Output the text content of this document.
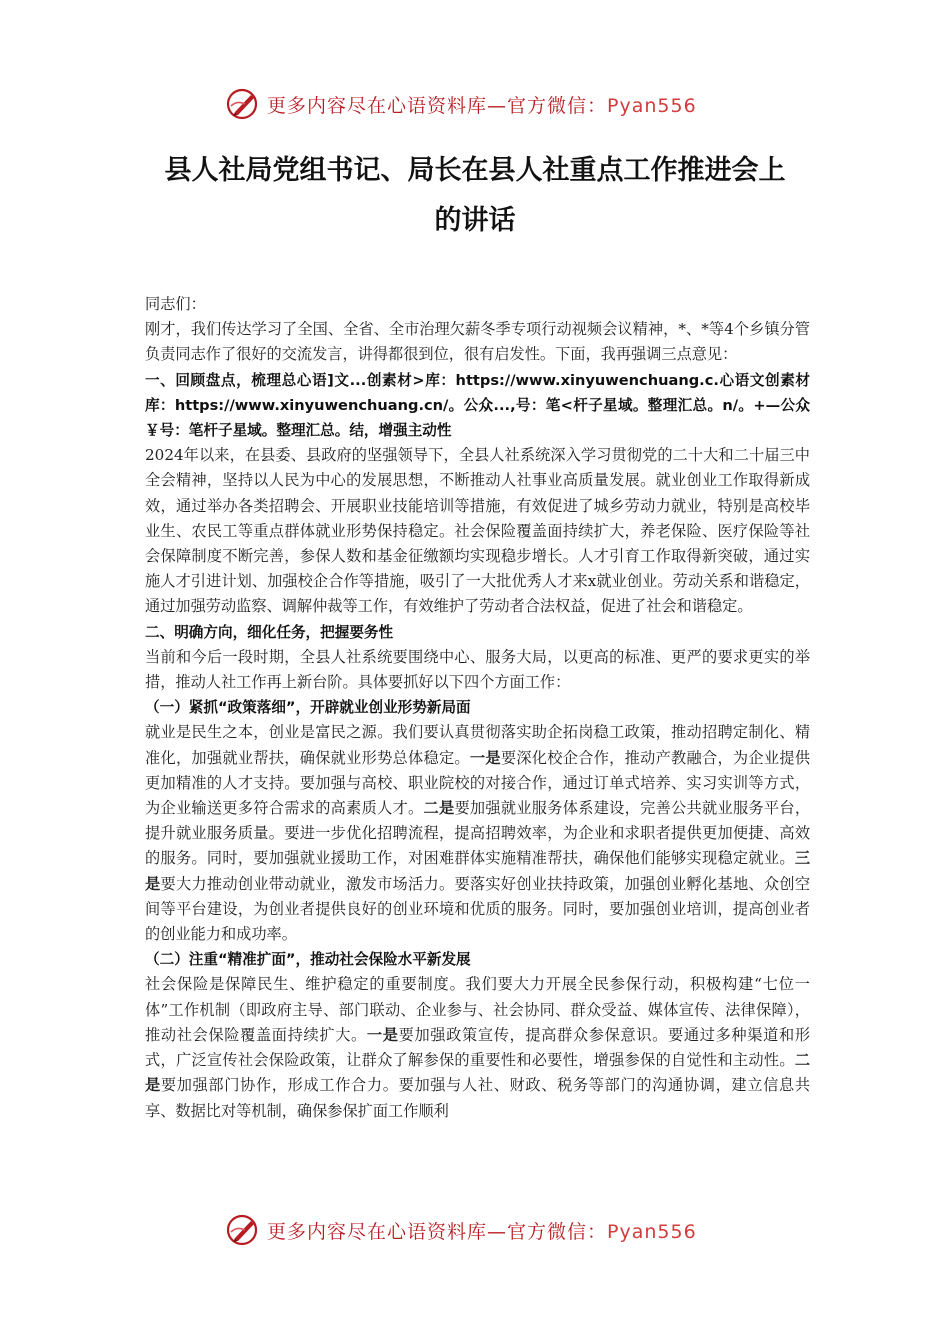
更多内容尽在心语资料库—官方微信：Pyan556
县人社局党组书记、局长在县人社重点工作推进会上
的讲话

同志们：

刚才，我们传达学习了全国、全省、全市治理欠薪冬季专项行动视频会议精神，*、*等4个乡镇分管负责同志作了很好的交流发言，讲得都很到位，很有启发性。下面，我再强调三点意见：

一、回顾盘点，梳理总心语]文...创素材>库：https://www.xinyuwenchuang.c.心语文创素材库：https://www.xinyuwenchuang.cn/。公众...,号：笔<杆子星域。整理汇总。n/。+—公众￥号：笔杆子星域。整理汇总。结，增强主动性

2024年以来，在县委、县政府的坚强领导下，全县人社系统深入学习贯彻党的二十大和二十届三中全会精神，坚持以人民为中心的发展思想，不断推动人社事业高质量发展。就业创业工作取得新成效，通过举办各类招聘会、开展职业技能培训等措施，有效促进了城乡劳动力就业，特别是高校毕业生、农民工等重点群体就业形势保持稳定。社会保险覆盖面持续扩大，养老保险、医疗保险等社会保障制度不断完善，参保人数和基金征缴额均实现稳步增长。人才引育工作取得新突破，通过实施人才引进计划、加强校企合作等措施，吸引了一大批优秀人才来x就业创业。劳动关系和谐稳定，通过加强劳动监察、调解仲裁等工作，有效维护了劳动者合法权益，促进了社会和谐稳定。

二、明确方向，细化任务，把握要务性

当前和今后一段时期，全县人社系统要围绕中心、服务大局，以更高的标准、更严的要求更实的举措，推动人社工作再上新台阶。具体要抓好以下四个方面工作：

（一）紧抓“政策落细”，开辟就业创业形势新局面

就业是民生之本，创业是富民之源。我们要认真贯彻落实助企拓岗稳工政策，推动招聘定制化、精准化，加强就业帮扶，确保就业形势总体稳定。一是要深化校企合作，推动产教融合，为企业提供更加精准的人才支持。要加强与高校、职业院校的对接合作，通过订单式培养、实习实训等方式，为企业输送更多符合需求的高素质人才。二是要加强就业服务体系建设，完善公共就业服务平台，提升就业服务质量。要进一步优化招聘流程，提高招聘效率，为企业和求职者提供更加便捷、高效的服务。同时，要加强就业援助工作，对困难群体实施精准帮扶，确保他们能够实现稳定就业。三是要大力推动创业带动就业，激发市场活力。要落实好创业扶持政策，加强创业孵化基地、众创空间等平台建设，为创业者提供良好的创业环境和优质的服务。同时，要加强创业培训，提高创业者的创业能力和成功率。

（二）注重“精准扩面”，推动社会保险水平新发展

社会保险是保障民生、维护稳定的重要制度。我们要大力开展全民参保行动，积极构建“七位一体”工作机制（即政府主导、部门联动、企业参与、社会协同、群众受益、媒体宣传、法律保障），推动社会保险覆盖面持续扩大。一是要加强政策宣传，提高群众参保意识。要通过多种渠道和形式，广泛宣传社会保险政策，让群众了解参保的重要性和必要性，增强参保的自觉性和主动性。二是要加强部门协作，形成工作合力。要加强与人社、财政、税务等部门的沟通协调，建立信息共享、数据比对等机制，确保参保扩面工作顺利

更多内容尽在心语资料库—官方微信：Pyan556
